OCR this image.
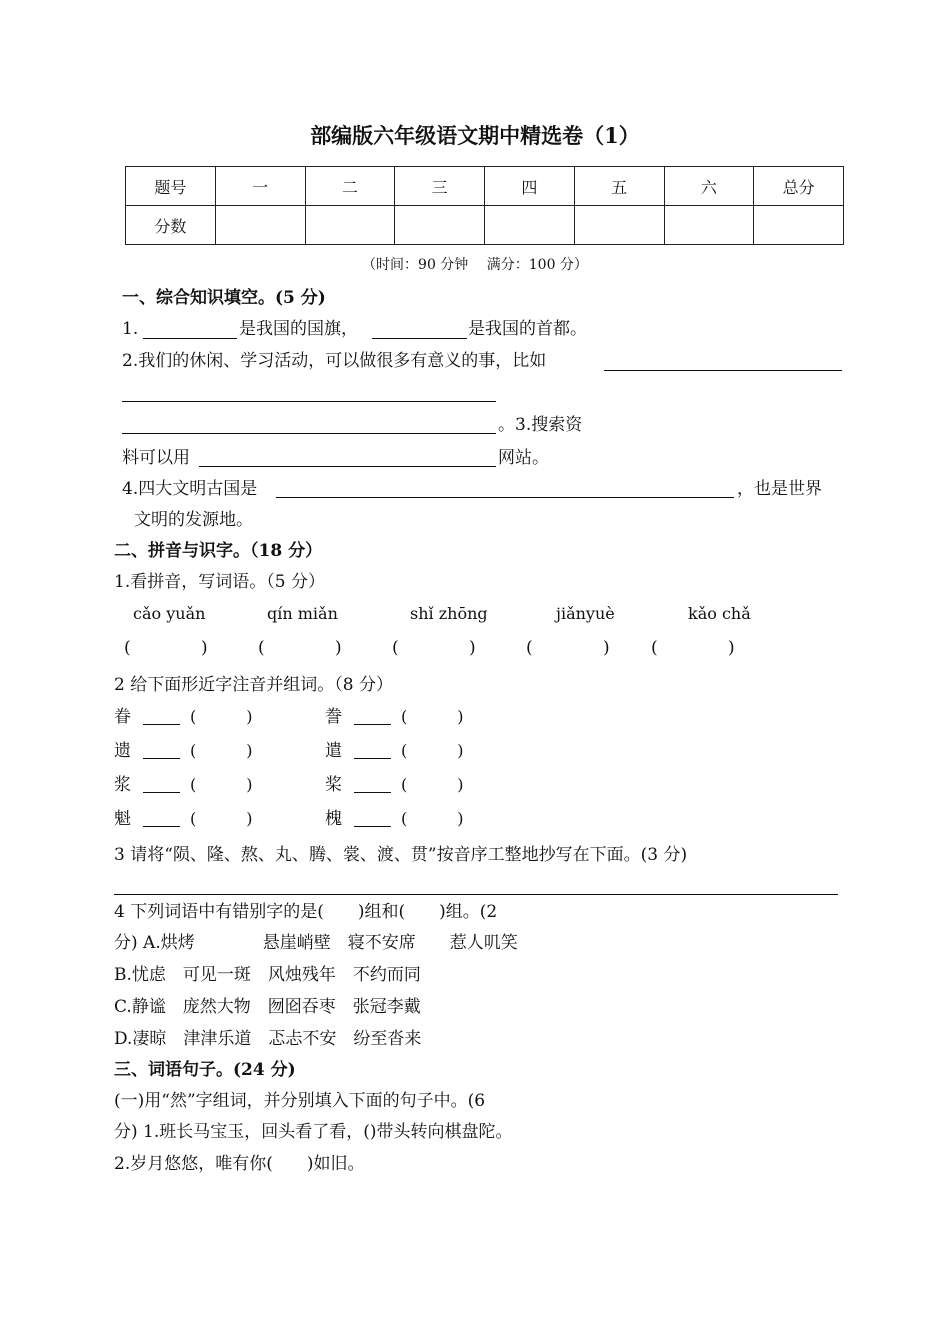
部编版六年级语文期中精选卷（1）
题号	一	二	三	四	五	六	总分
分数							
（时间：90 分钟　 满分：100 分）
一、综合知识填空。(5 分)
1.	是我国的国旗，	是我国的首都。
2.我们的休闲、学习活动，可以做很多有意义的事，比如
。3.搜索资
料可以用	网站。
4.四大文明古国是	，也是世界
文明的发源地。
二、拼音与识字。（18 分）
1.看拼音，写词语。（5 分）
cǎo yuǎn	qín miǎn	shǐ zhōng	jiǎnyuè	kǎo chǎ
(	)	(	)	(	)	(	) (	)
2 给下面形近字注音并组词。（8 分）
眷	(	)	誊	(	)
遗	(	)	遣	(	)
浆	(	)	桨	(	)
魁	(	)	槐	(	)
3 请将“陨、隆、熬、丸、腾、裳、渡、贯”按音序工整地抄写在下面。(3 分)
4 下列词语中有错别字的是(　　)组和(　　)组。(2
分) A.烘烤　　　　悬崖峭壁　寝不安席　　惹人叽笑
B.忧虑　可见一斑　风烛残年　不约而同
C.静谧　庞然大物　囫囵吞枣　张冠李戴
D.凄晾　津津乐道　忑忐不安　纷至沓来
三、词语句子。(24 分)
(一)用“然”字组词，并分别填入下面的句子中。(6
分) 1.班长马宝玉，回头看了看，()带头转向棋盘陀。
2.岁月悠悠，唯有你(　　)如旧。
